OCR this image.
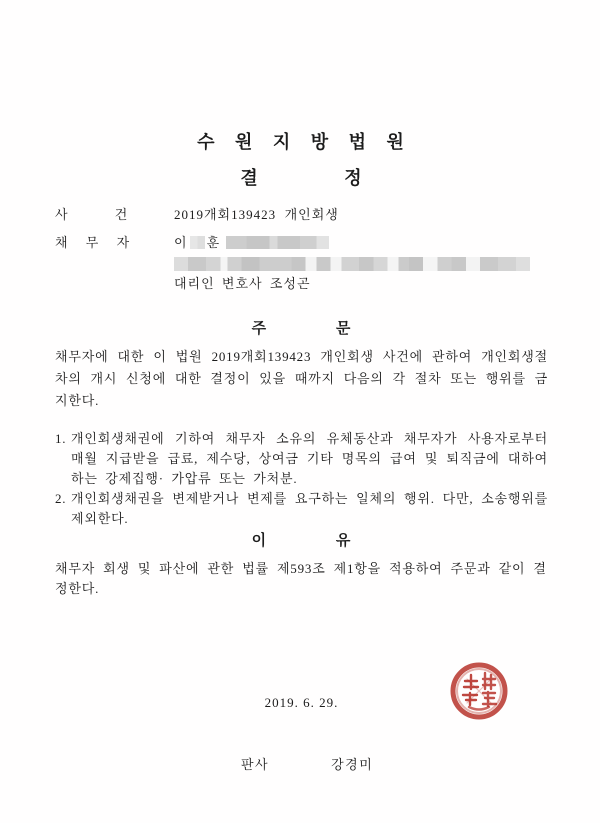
수 원 지 방 법 원
결 정
사 건	2019개회139423  개인회생
채 무 자	이 훈
대리인 변호사 조성곤
주 문
채무자에 대한 이 법원 2019개회139423 개인회생 사건에 관하여 개인회생절차의 개시 신청에 대한 결정이 있을 때까지 다음의 각 절차 또는 행위를 금지한다.
1. 개인회생채권에 기하여 채무자 소유의 유체동산과 채무자가 사용자로부터 매월 지급받을 급료, 제수당, 상여금 기타 명목의 급여 및 퇴직금에 대하여 하는 강제집행· 가압류 또는 가처분.
2. 개인회생채권을 변제받거나 변제를 요구하는 일체의 행위. 다만, 소송행위를 제외한다.
이 유
채무자 회생 및 파산에 관한 법률 제593조 제1항을 적용하여 주문과 같이 결정한다.
2019. 6. 29.
판사	강경미
